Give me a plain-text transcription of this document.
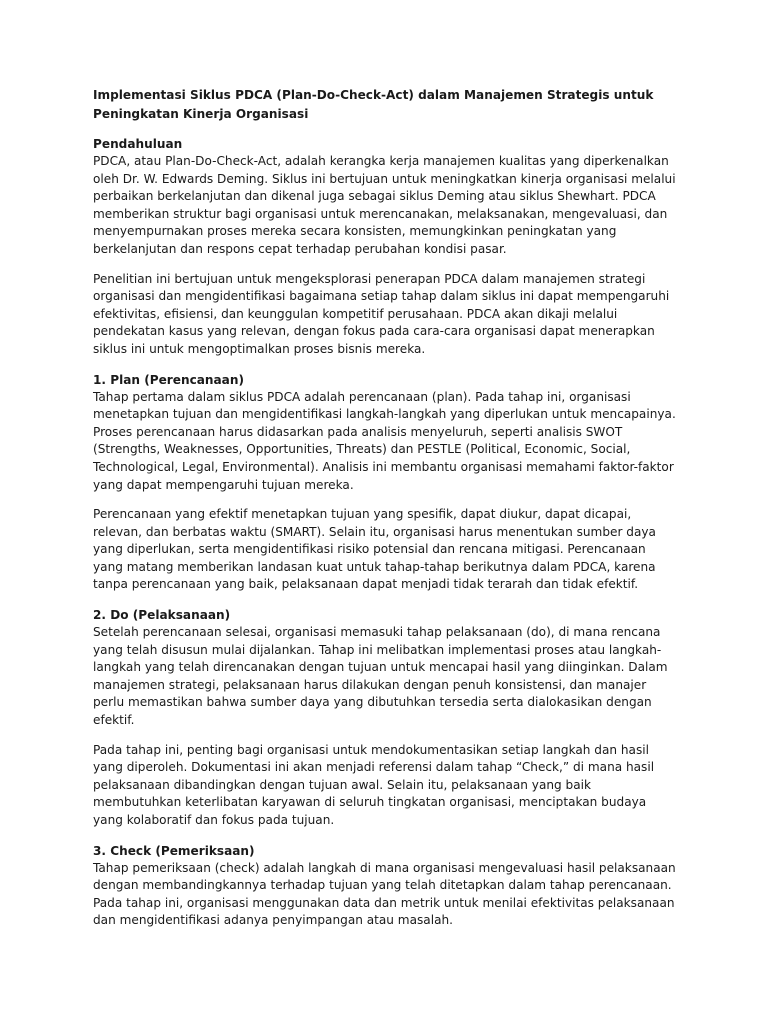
Implementasi Siklus PDCA (Plan-Do-Check-Act) dalam Manajemen Strategis untuk Peningkatan Kinerja Organisasi
Pendahuluan

PDCA, atau Plan-Do-Check-Act, adalah kerangka kerja manajemen kualitas yang diperkenalkan oleh Dr. W. Edwards Deming. Siklus ini bertujuan untuk meningkatkan kinerja organisasi melalui perbaikan berkelanjutan dan dikenal juga sebagai siklus Deming atau siklus Shewhart. PDCA memberikan struktur bagi organisasi untuk merencanakan, melaksanakan, mengevaluasi, dan menyempurnakan proses mereka secara konsisten, memungkinkan peningkatan yang berkelanjutan dan respons cepat terhadap perubahan kondisi pasar.

Penelitian ini bertujuan untuk mengeksplorasi penerapan PDCA dalam manajemen strategi organisasi dan mengidentifikasi bagaimana setiap tahap dalam siklus ini dapat mempengaruhi efektivitas, efisiensi, dan keunggulan kompetitif perusahaan. PDCA akan dikaji melalui pendekatan kasus yang relevan, dengan fokus pada cara-cara organisasi dapat menerapkan siklus ini untuk mengoptimalkan proses bisnis mereka.

1. Plan (Perencanaan)

Tahap pertama dalam siklus PDCA adalah perencanaan (plan). Pada tahap ini, organisasi menetapkan tujuan dan mengidentifikasi langkah-langkah yang diperlukan untuk mencapainya. Proses perencanaan harus didasarkan pada analisis menyeluruh, seperti analisis SWOT (Strengths, Weaknesses, Opportunities, Threats) dan PESTLE (Political, Economic, Social, Technological, Legal, Environmental). Analisis ini membantu organisasi memahami faktor-faktor yang dapat mempengaruhi tujuan mereka.

Perencanaan yang efektif menetapkan tujuan yang spesifik, dapat diukur, dapat dicapai, relevan, dan berbatas waktu (SMART). Selain itu, organisasi harus menentukan sumber daya yang diperlukan, serta mengidentifikasi risiko potensial dan rencana mitigasi. Perencanaan yang matang memberikan landasan kuat untuk tahap-tahap berikutnya dalam PDCA, karena tanpa perencanaan yang baik, pelaksanaan dapat menjadi tidak terarah dan tidak efektif.

2. Do (Pelaksanaan)

Setelah perencanaan selesai, organisasi memasuki tahap pelaksanaan (do), di mana rencana yang telah disusun mulai dijalankan. Tahap ini melibatkan implementasi proses atau langkah-langkah yang telah direncanakan dengan tujuan untuk mencapai hasil yang diinginkan. Dalam manajemen strategi, pelaksanaan harus dilakukan dengan penuh konsistensi, dan manajer perlu memastikan bahwa sumber daya yang dibutuhkan tersedia serta dialokasikan dengan efektif.

Pada tahap ini, penting bagi organisasi untuk mendokumentasikan setiap langkah dan hasil yang diperoleh. Dokumentasi ini akan menjadi referensi dalam tahap “Check,” di mana hasil pelaksanaan dibandingkan dengan tujuan awal. Selain itu, pelaksanaan yang baik membutuhkan keterlibatan karyawan di seluruh tingkatan organisasi, menciptakan budaya yang kolaboratif dan fokus pada tujuan.

3. Check (Pemeriksaan)

Tahap pemeriksaan (check) adalah langkah di mana organisasi mengevaluasi hasil pelaksanaan dengan membandingkannya terhadap tujuan yang telah ditetapkan dalam tahap perencanaan. Pada tahap ini, organisasi menggunakan data dan metrik untuk menilai efektivitas pelaksanaan dan mengidentifikasi adanya penyimpangan atau masalah.
